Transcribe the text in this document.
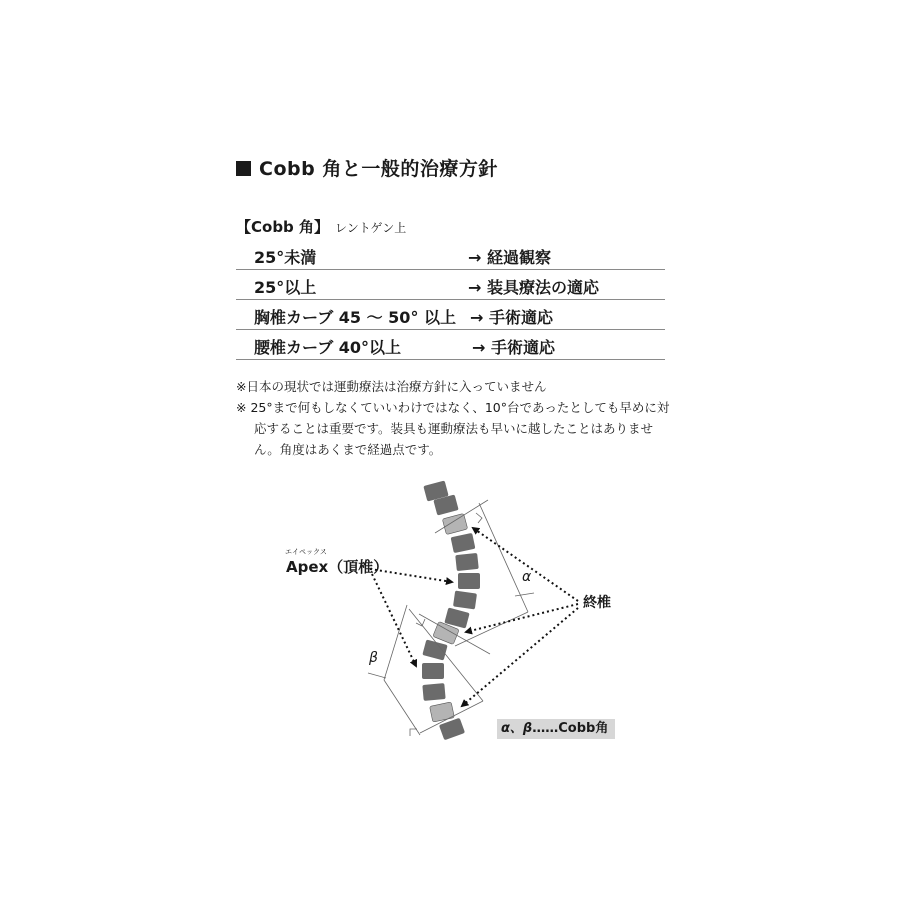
Cobb 角と一般的治療方針
【Cobb 角】 レントゲン上
25°未満	→ 経過観察
25°以上	→ 装具療法の適応
胸椎カーブ 45 〜 50° 以上 → 手術適応
腰椎カーブ 40°以上	→ 手術適応
※日本の現状では運動療法は治療方針に入っていません
※ 25°まで何もしなくていいわけではなく、10°台であったとしても早めに対応することは重要です。装具も運動療法も早いに越したことはありません。角度はあくまで経過点です。
エイペックス
Apex（頂椎）
終椎
α
β
α、β……Cobb角
